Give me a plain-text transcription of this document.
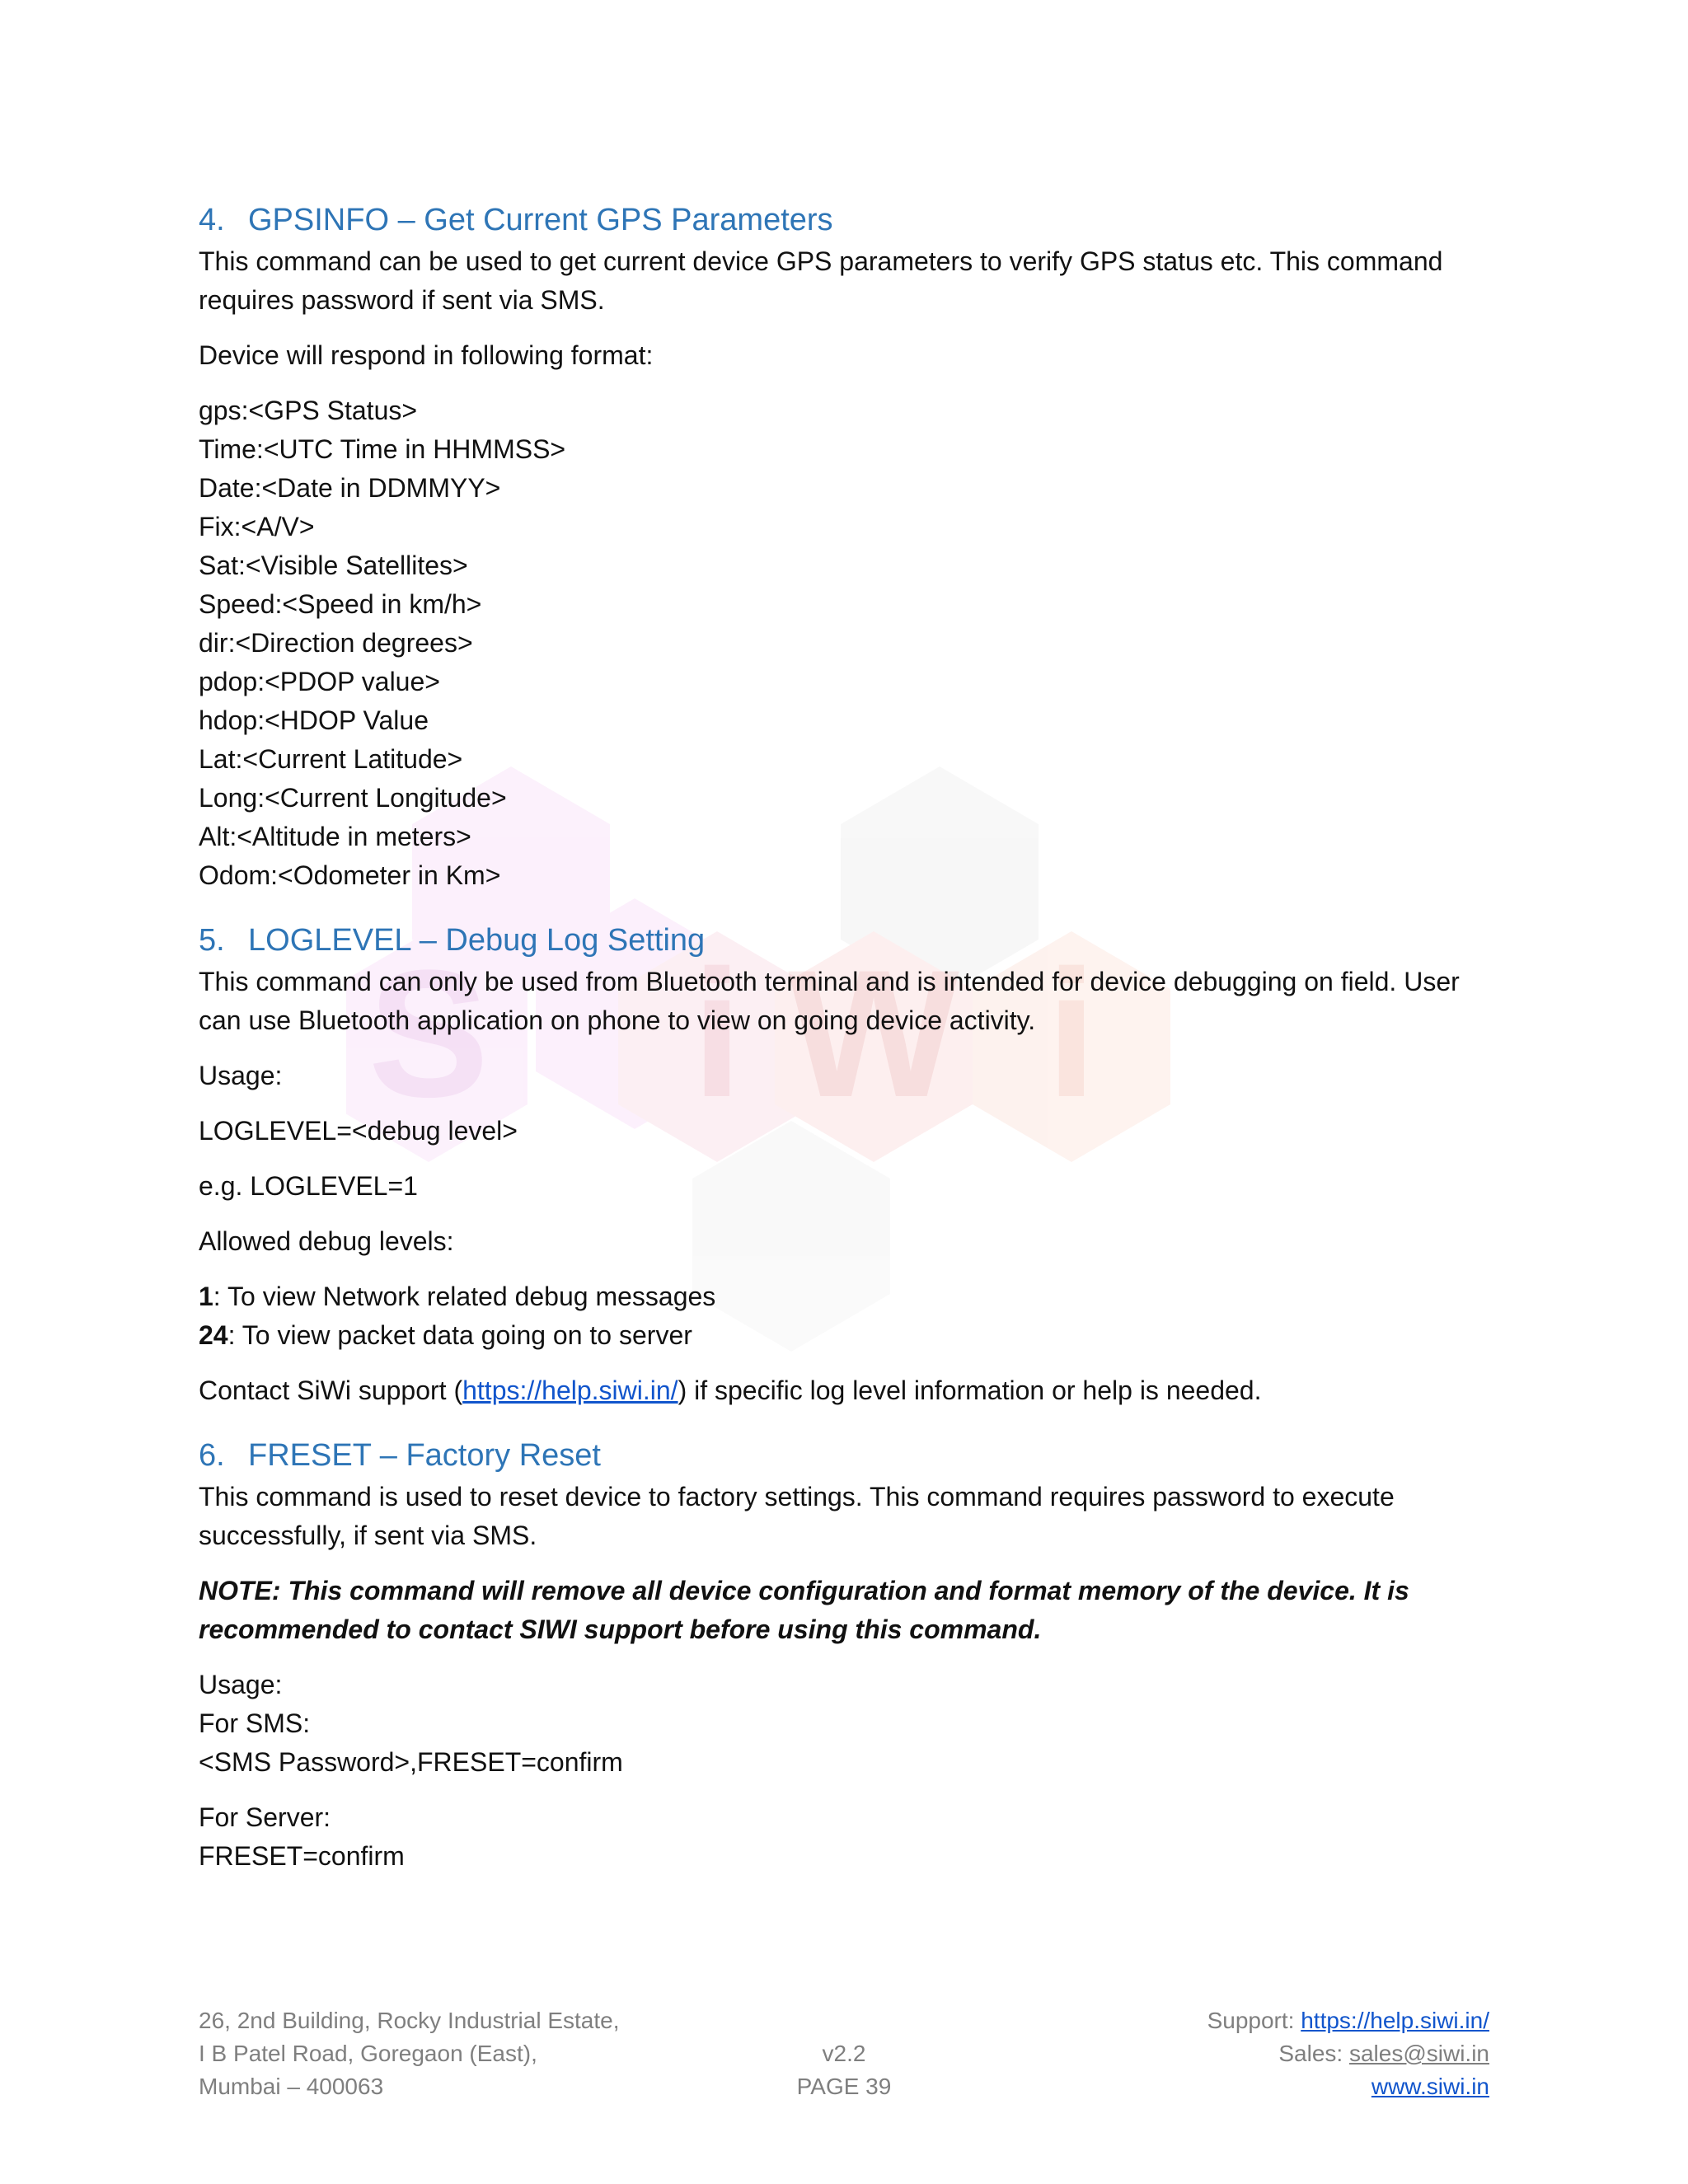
S i W i
4. GPSINFO – Get Current GPS Parameters

This command can be used to get current device GPS parameters to verify GPS status etc. This command requires password if sent via SMS.

Device will respond in following format:

gps:<GPS Status>
Time:<UTC Time in HHMMSS>
Date:<Date in DDMMYY>
Fix:<A/V>
Sat:<Visible Satellites>
Speed:<Speed in km/h>
dir:<Direction degrees>
pdop:<PDOP value>
hdop:<HDOP Value
Lat:<Current Latitude>
Long:<Current Longitude>
Alt:<Altitude in meters>
Odom:<Odometer in Km>
5. LOGLEVEL – Debug Log Setting

This command can only be used from Bluetooth terminal and is intended for device debugging on field. User can use Bluetooth application on phone to view on going device activity.

Usage:

LOGLEVEL=<debug level>

e.g. LOGLEVEL=1

Allowed debug levels:

1: To view Network related debug messages
24: To view packet data going on to server

Contact SiWi support (https://help.siwi.in/) if specific log level information or help is needed.

6. FRESET – Factory Reset

This command is used to reset device to factory settings. This command requires password to execute successfully, if sent via SMS.

NOTE: This command will remove all device configuration and format memory of the device. It is recommended to contact SIWI support before using this command.

Usage:
For SMS:
<SMS Password>,FRESET=confirm
For Server:
FRESET=confirm
26, 2nd Building, Rocky Industrial Estate,
I B Patel Road, Goregaon (East),
Mumbai – 400063
v2.2
PAGE 39
Support: https://help.siwi.in/
Sales: sales@siwi.in
www.siwi.in
